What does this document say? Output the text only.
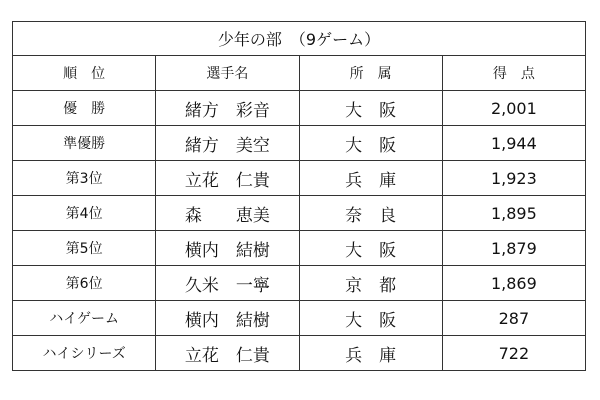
少年の部　（9ゲーム）			
順　位	選手名	所　属	得　点
優　勝	緒方　彩音	大　阪	2,001
準優勝	緒方　美空	大　阪	1,944
第3位	立花　仁貴	兵　庫	1,923
第4位	森　　恵美	奈　良	1,895
第5位	横内　結樹	大　阪	1,879
第6位	久米　一寧	京　都	1,869
ハイゲーム	横内　結樹	大　阪	287
ハイシリーズ	立花　仁貴	兵　庫	722
